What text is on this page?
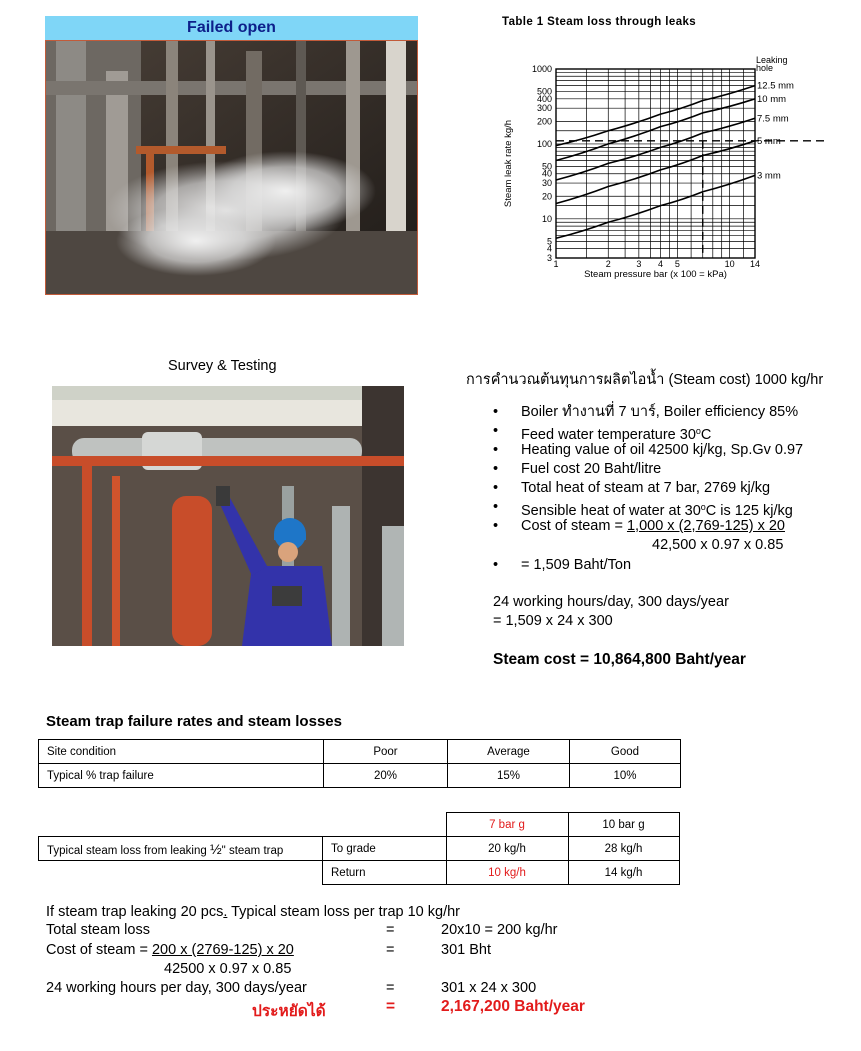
Failed open	Table 1 Steam loss through leaks
1000
500
400
300
200
100
50
40
30
20
10
5
4
3
1	2	3 4 5	10 14
Steam pressure bar (x 100 = kPa)
Steam leak rate kg/h
Leaking
hole
12.5 mm
10 mm
7.5 mm
5 mm
3 mm
Survey & Testing
การคำนวณต้นทุนการผลิตไอน้ำ (Steam cost) 1000 kg/hr
• Boiler ทำงานที่ 7 บาร์, Boiler efficiency 85%
• Feed water temperature 30$^o$C
• Heating value of oil 42500 kj/kg, Sp.Gv 0.97
• Fuel cost 20 Baht/litre
• Total heat of steam at 7 bar, 2769 kj/kg
• Sensible heat of water at 30$^o$C is 125 kj/kg
• Cost of steam = 1,000 x (2,769-125) x 20
42,500 x 0.97 x 0.85
• = 1,509 Baht/Ton
24 working hours/day, 300 days/year
= 1,509 x 24 x 300
Steam cost = 10,864,800 Baht/year
Steam trap failure rates and steam losses
Site condition	Poor	Average	Good
Typical % trap failure	20%	15%	10%
		7 bar g	10 bar g
Typical steam loss from leaking ½" steam trap	To grade	20 kg/h	28 kg/h
	Return	10 kg/h	14 kg/h
If steam trap leaking 20 pcs. Typical steam loss per trap 10 kg/hr
Total steam loss	=	20x10 = 200 kg/hr
Cost of steam = 200 x (2769-125) x 20	=	301 Bht
42500 x 0.97 x 0.85
24 working hours per day, 300 days/year	=	301 x 24 x 300
ประหยัดได้	=	2,167,200 Baht/year
